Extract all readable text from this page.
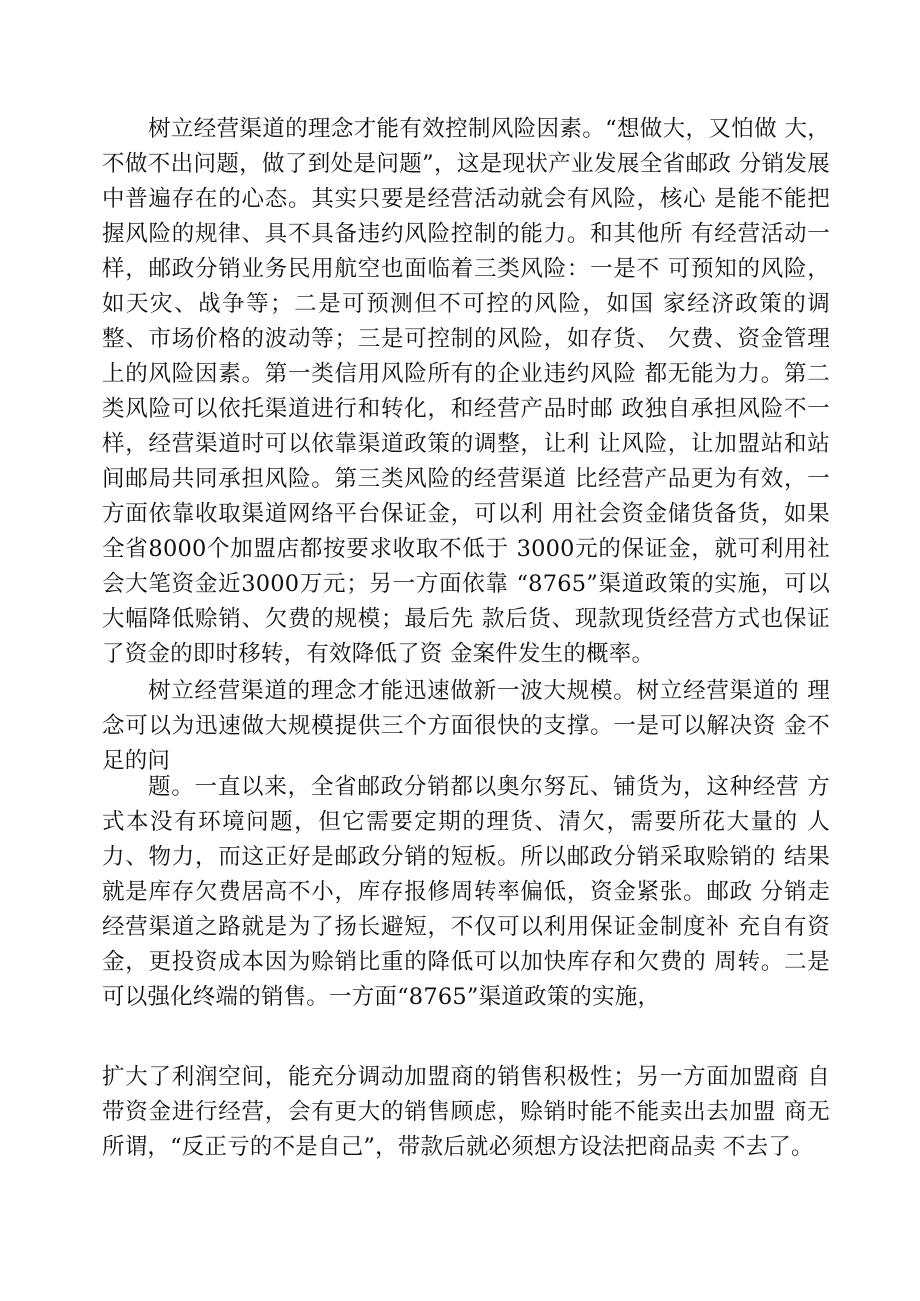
树立经营渠道的理念才能有效控制风险因素。“想做大，又怕做 大，不做不出问题，做了到处是问题”，这是现状产业发展全省邮政 分销发展中普遍存在的心态。其实只要是经营活动就会有风险，核心 是能不能把握风险的规律、具不具备违约风险控制的能力。和其他所 有经营活动一样，邮政分销业务民用航空也面临着三类风险：一是不 可预知的风险，如天灾、战争等；二是可预测但不可控的风险，如国 家经济政策的调整、市场价格的波动等；三是可控制的风险，如存货、 欠费、资金管理上的风险因素。第一类信用风险所有的企业违约风险 都无能为力。第二类风险可以依托渠道进行和转化，和经营产品时邮 政独自承担风险不一样，经营渠道时可以依靠渠道政策的调整，让利 让风险，让加盟站和站间邮局共同承担风险。第三类风险的经营渠道 比经营产品更为有效，一方面依靠收取渠道网络平台保证金，可以利 用社会资金储货备货，如果全省8000个加盟店都按要求收取不低于 3000元的保证金，就可利用社会大笔资金近3000万元；另一方面依靠 “8765”渠道政策的实施，可以大幅降低赊销、欠费的规模；最后先 款后货、现款现货经营方式也保证了资金的即时移转，有效降低了资 金案件发生的概率。

树立经营渠道的理念才能迅速做新一波大规模。树立经营渠道的 理念可以为迅速做大规模提供三个方面很快的支撑。一是可以解决资 金不足的问

题。一直以来，全省邮政分销都以奥尔努瓦、铺货为，这种经营 方式本没有环境问题，但它需要定期的理货、清欠，需要所花大量的 人力、物力，而这正好是邮政分销的短板。所以邮政分销采取赊销的 结果就是库存欠费居高不小，库存报修周转率偏低，资金紧张。邮政 分销走经营渠道之路就是为了扬长避短，不仅可以利用保证金制度补 充自有资金，更投资成本因为赊销比重的降低可以加快库存和欠费的 周转。二是可以强化终端的销售。一方面“8765”渠道政策的实施，

扩大了利润空间，能充分调动加盟商的销售积极性；另一方面加盟商 自带资金进行经营，会有更大的销售顾虑，赊销时能不能卖出去加盟 商无所谓，“反正亏的不是自己”，带款后就必须想方设法把商品卖 不去了。
